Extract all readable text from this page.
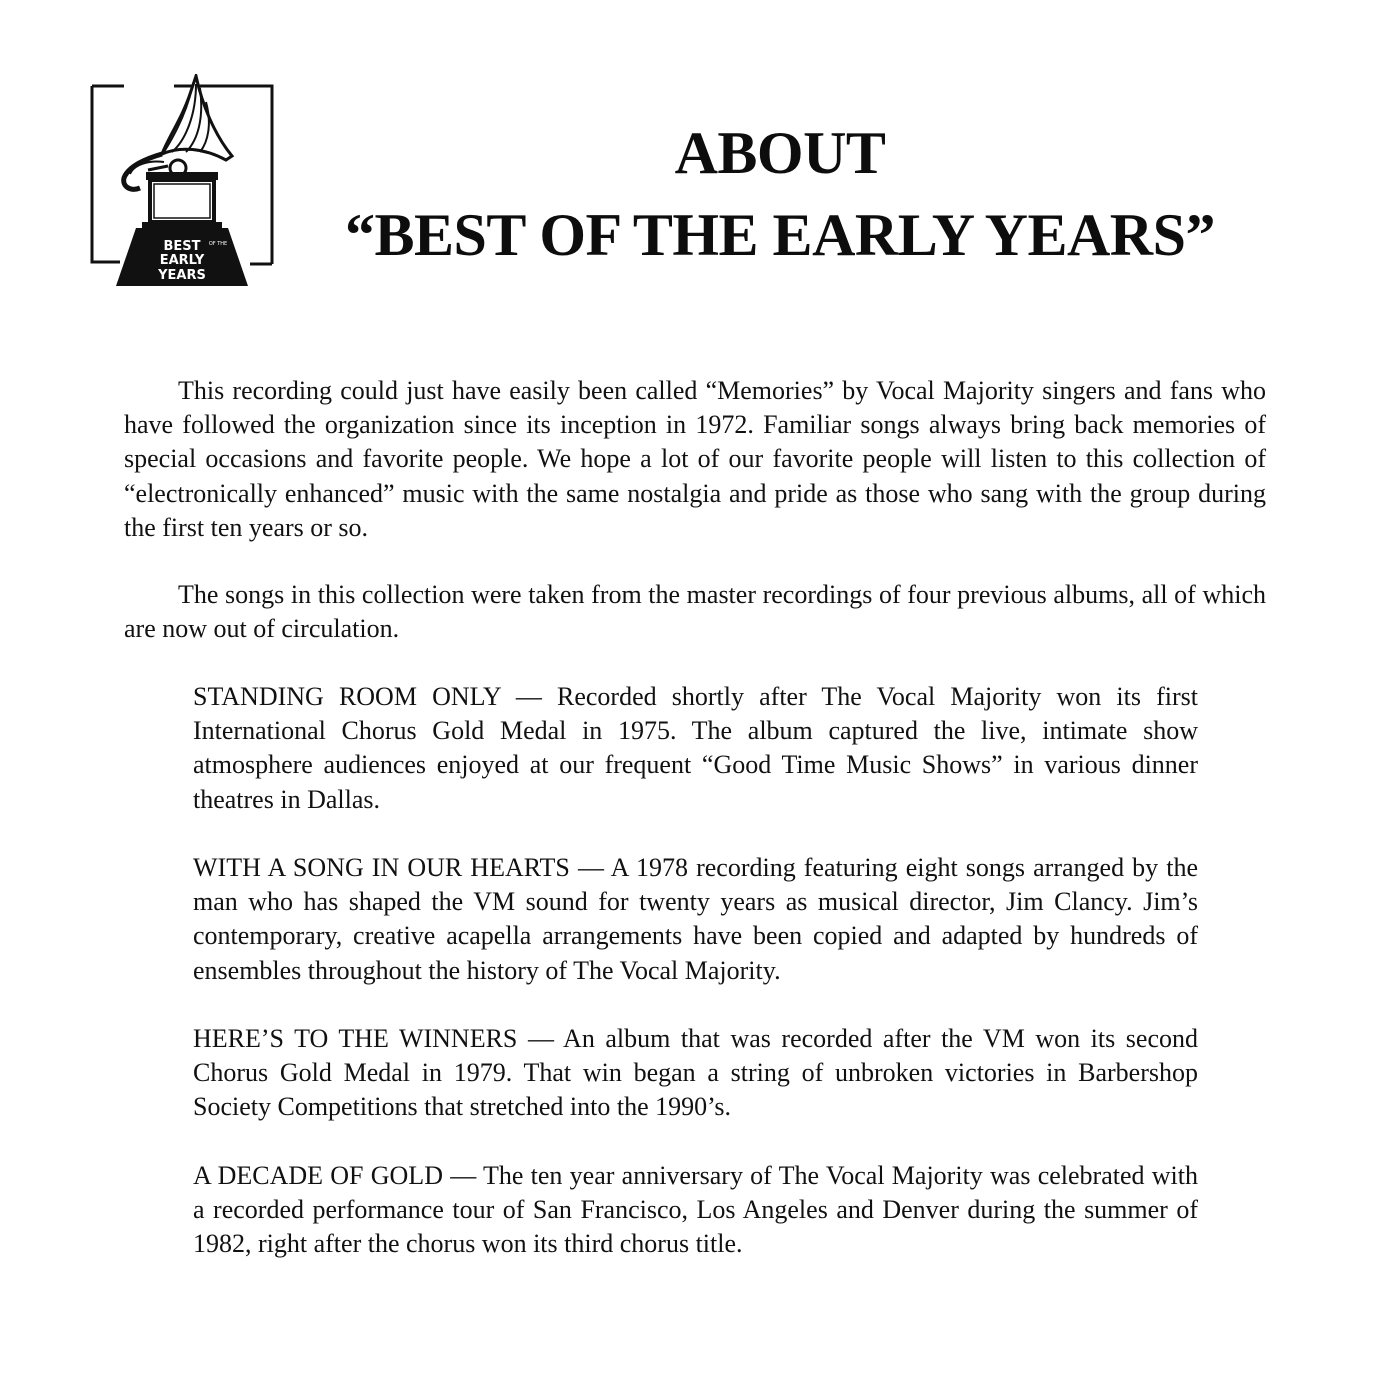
BEST OF THE
EARLY
YEARS
ABOUT
“BEST OF THE EARLY YEARS”

This recording could just have easily been called “Memories” by Vocal Majority singers and fans who have followed the organization since its inception in 1972. Familiar songs always bring back memories of special occasions and favorite people. We hope a lot of our favorite people will listen to this collection of “electronically enhanced” music with the same nostalgia and pride as those who sang with the group during the first ten years or so.

The songs in this collection were taken from the master recordings of four previous albums, all of which are now out of circulation.

STANDING ROOM ONLY — Recorded shortly after The Vocal Majority won its first International Chorus Gold Medal in 1975. The album captured the live, intimate show atmosphere audiences enjoyed at our frequent “Good Time Music Shows” in various dinner theatres in Dallas.

WITH A SONG IN OUR HEARTS — A 1978 recording featuring eight songs arranged by the man who has shaped the VM sound for twenty years as musical director, Jim Clancy. Jim’s contemporary, creative acapella arrangements have been copied and adapted by hundreds of ensembles throughout the history of The Vocal Majority.

HERE’S TO THE WINNERS — An album that was recorded after the VM won its second Chorus Gold Medal in 1979. That win began a string of unbroken victories in Barbershop Society Competitions that stretched into the 1990’s.

A DECADE OF GOLD — The ten year anniversary of The Vocal Majority was celebrated with a recorded performance tour of San Francisco, Los Angeles and Denver during the summer of 1982, right after the chorus won its third chorus title.
